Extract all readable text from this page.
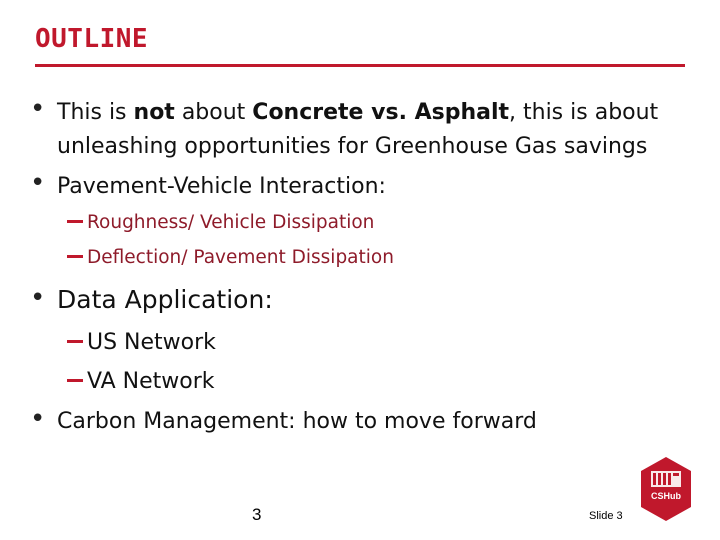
OUTLINE
• This is not about Concrete vs. Asphalt, this is about
unleashing opportunities for Greenhouse Gas savings
• Pavement-Vehicle Interaction:
Roughness/ Vehicle Dissipation
Deflection/ Pavement Dissipation
• Data Application:
US Network
VA Network
• Carbon Management: how to move forward
3	Slide 3
CSHub
